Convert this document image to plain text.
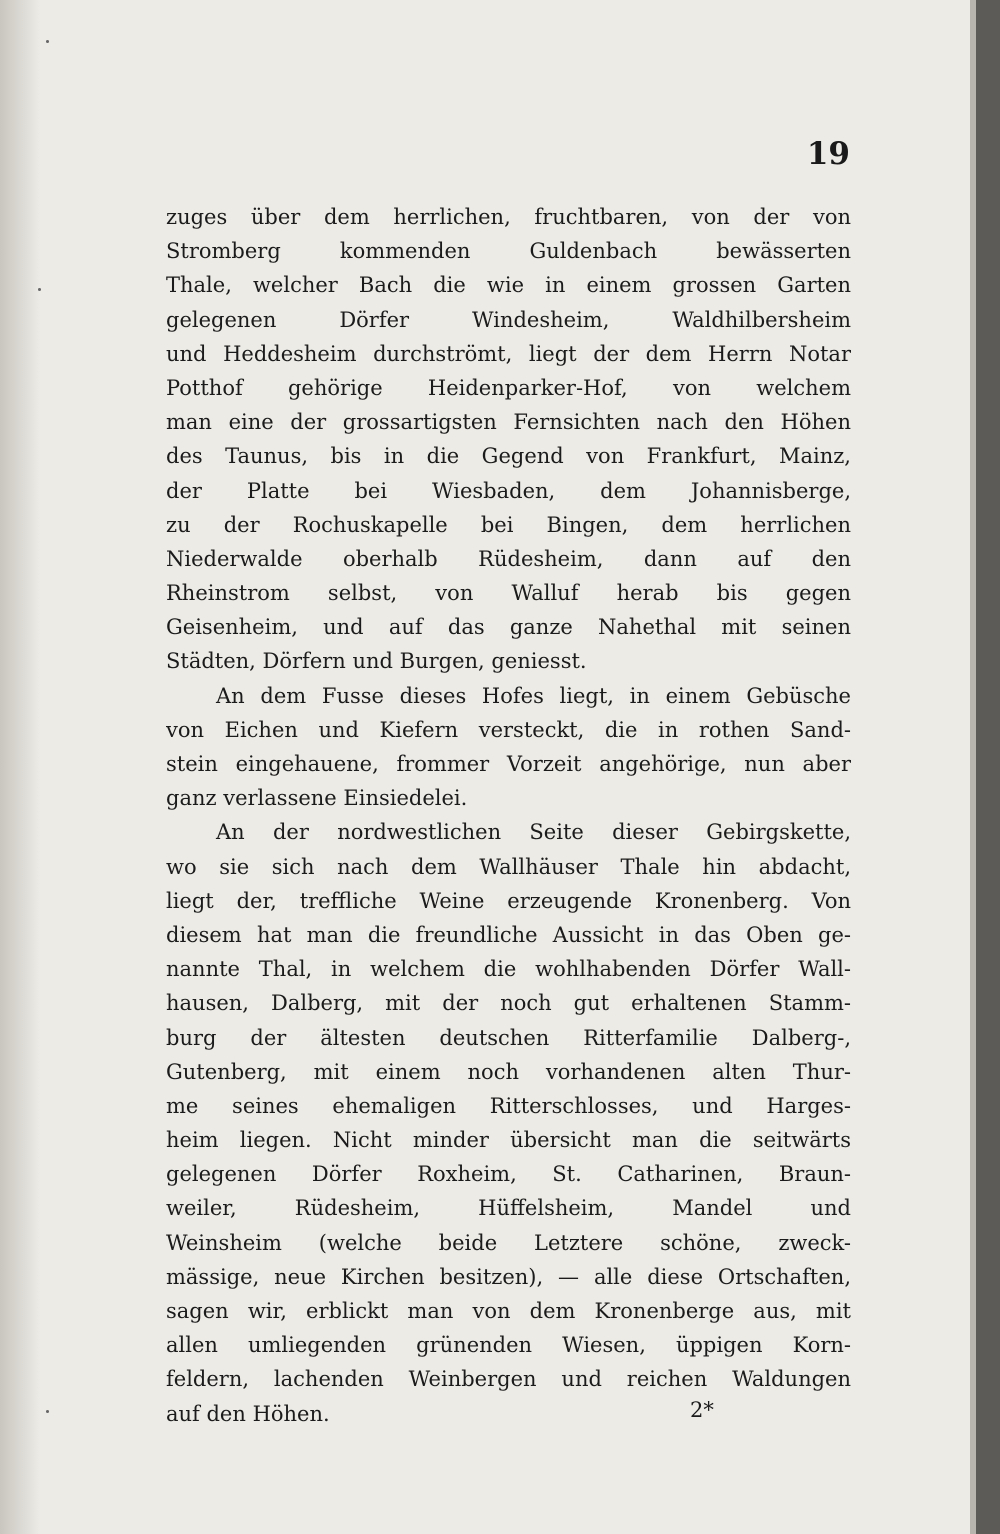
19
zuges über dem herrlichen, fruchtbaren, von der von
Stromberg kommenden Guldenbach bewässerten
Thale, welcher Bach die wie in einem grossen Garten
gelegenen Dörfer Windesheim, Waldhilbersheim
und Heddesheim durchströmt, liegt der dem Herrn Notar
Potthof gehörige Heidenparker-Hof, von welchem
man eine der grossartigsten Fernsichten nach den Höhen
des Taunus, bis in die Gegend von Frankfurt, Mainz,
der Platte bei Wiesbaden, dem Johannisberge,
zu der Rochuskapelle bei Bingen, dem herrlichen
Niederwalde oberhalb Rüdesheim, dann auf den
Rheinstrom selbst, von Walluf herab bis gegen
Geisenheim, und auf das ganze Nahethal mit seinen
Städten, Dörfern und Burgen, geniesst.
An dem Fusse dieses Hofes liegt, in einem Gebüsche
von Eichen und Kiefern versteckt, die in rothen Sand-
stein eingehauene, frommer Vorzeit angehörige, nun aber
ganz verlassene Einsiedelei.
An der nordwestlichen Seite dieser Gebirgskette,
wo sie sich nach dem Wallhäuser Thale hin abdacht,
liegt der, treffliche Weine erzeugende Kronenberg. Von
diesem hat man die freundliche Aussicht in das Oben ge-
nannte Thal, in welchem die wohlhabenden Dörfer Wall-
hausen, Dalberg, mit der noch gut erhaltenen Stamm-
burg der ältesten deutschen Ritterfamilie Dalberg-,
Gutenberg, mit einem noch vorhandenen alten Thur-
me seines ehemaligen Ritterschlosses, und Harges-
heim liegen. Nicht minder übersicht man die seitwärts
gelegenen Dörfer Roxheim, St. Catharinen, Braun-
weiler, Rüdesheim, Hüffelsheim, Mandel und
Weinsheim (welche beide Letztere schöne, zweck-
mässige, neue Kirchen besitzen), — alle diese Ortschaften,
sagen wir, erblickt man von dem Kronenberge aus, mit
allen umliegenden grünenden Wiesen, üppigen Korn-
feldern, lachenden Weinbergen und reichen Waldungen
auf den Höhen.	2*
